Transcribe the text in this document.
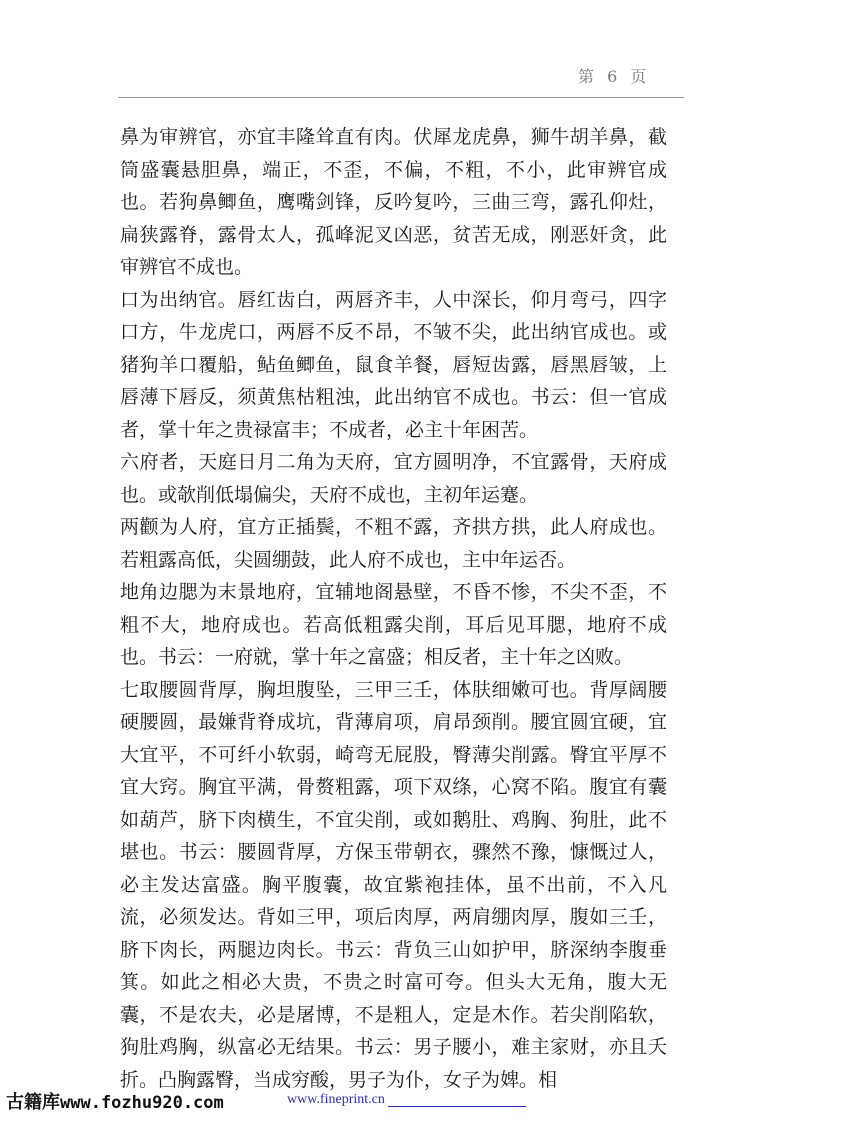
第 6 页

鼻为审辨官，亦宜丰隆耸直有肉。伏犀龙虎鼻，狮牛胡羊鼻，截筒盛囊悬胆鼻，端正，不歪，不偏，不粗，不小，此审辨官成也。若狗鼻鲫鱼，鹰嘴剑锋，反吟复吟，三曲三弯，露孔仰灶，扁狭露脊，露骨太人，孤峰泥叉凶恶，贫苦无成，刚恶奸贪，此审辨官不成也。

口为出纳官。唇红齿白，两唇齐丰，人中深长，仰月弯弓，四字口方，牛龙虎口，两唇不反不昂，不皱不尖，此出纳官成也。或猪狗羊口覆船，鲇鱼鲫鱼，鼠食羊餐，唇短齿露，唇黑唇皱，上唇薄下唇反，须黄焦枯粗浊，此出纳官不成也。书云：但一官成者，掌十年之贵禄富丰；不成者，必主十年困苦。

六府者，天庭日月二角为天府，宜方圆明净，不宜露骨，天府成也。或欹削低塌偏尖，天府不成也，主初年运蹇。

两颧为人府，宜方正插鬓，不粗不露，齐拱方拱，此人府成也。若粗露高低，尖圆绷鼓，此人府不成也，主中年运否。

地角边腮为末景地府，宜辅地阁悬壁，不昏不惨，不尖不歪，不粗不大，地府成也。若高低粗露尖削，耳后见耳腮，地府不成也。书云：一府就，掌十年之富盛；相反者，主十年之凶败。

七取腰圆背厚，胸坦腹坠，三甲三壬，体肤细嫩可也。背厚阔腰硬腰圆，最嫌背脊成坑，背薄肩项，肩昂颈削。腰宜圆宜硬，宜大宜平，不可纤小软弱，崎弯无屁股，臀薄尖削露。臀宜平厚不宜大窍。胸宜平满，骨赘粗露，项下双绦，心窝不陷。腹宜有囊如葫芦，脐下肉横生，不宜尖削，或如鹅肚、鸡胸、狗肚，此不堪也。书云：腰圆背厚，方保玉带朝衣，骤然不豫，慷慨过人，必主发达富盛。胸平腹囊，故宜紫袍挂体，虽不出前，不入凡流，必须发达。背如三甲，项后肉厚，两肩绷肉厚，腹如三壬，脐下肉长，两腿边肉长。书云：背负三山如护甲，脐深纳李腹垂箕。如此之相必大贵，不贵之时富可夸。但头大无角，腹大无囊，不是农夫，必是屠博，不是粗人，定是木作。若尖削陷软，狗肚鸡胸，纵富必无结果。书云：男子腰小，难主家财，亦且夭折。凸胸露臀，当成穷酸，男子为仆，女子为婢。相

古籍库www.fozhu920.com	www.fineprint.cn
